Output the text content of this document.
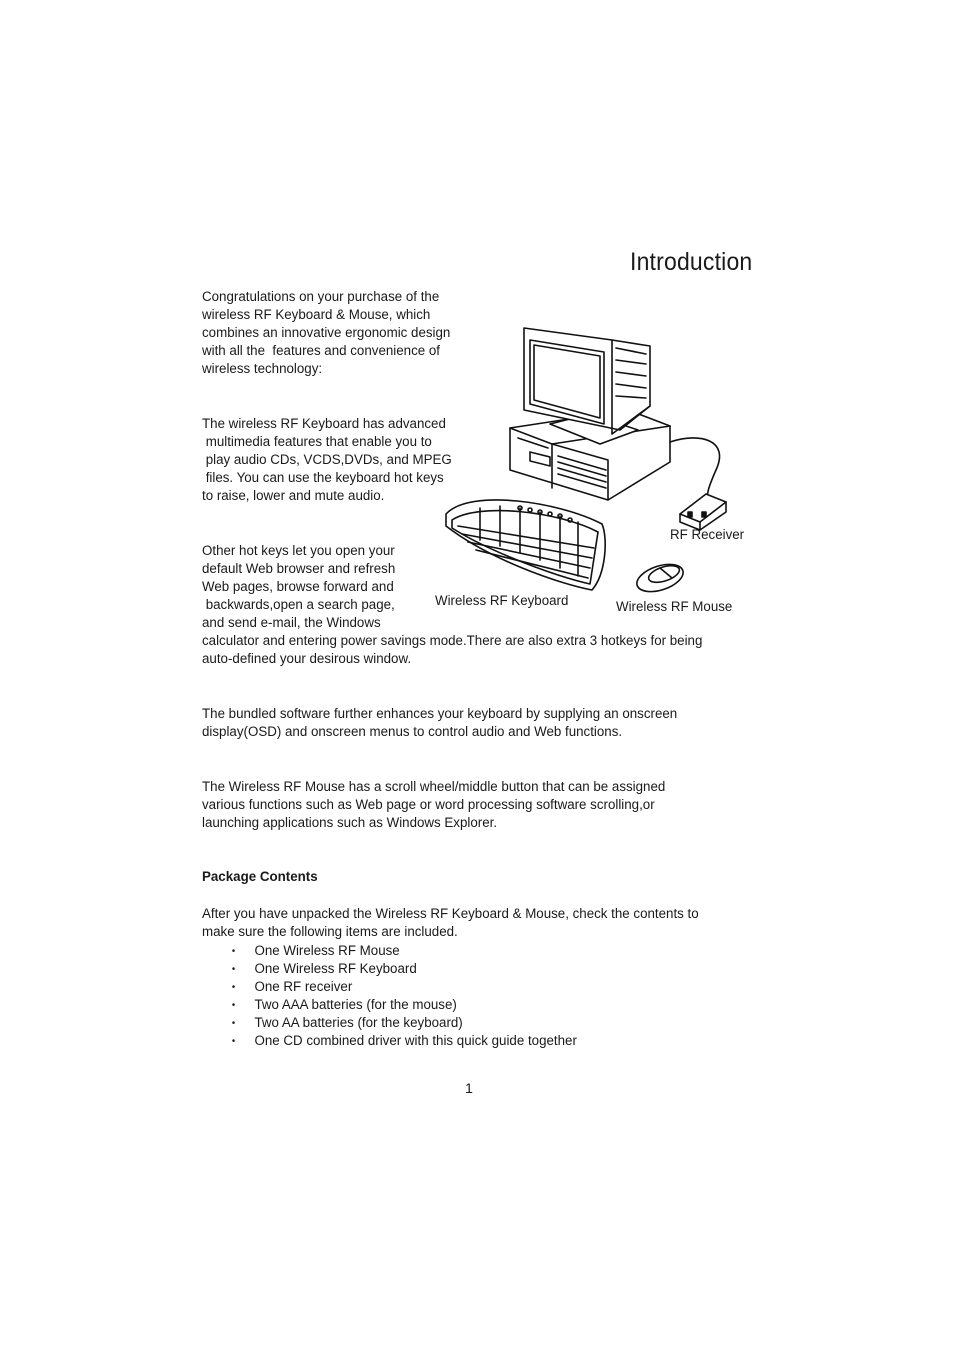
Introduction
Congratulations on your purchase of the
wireless RF Keyboard & Mouse, which
combines an innovative ergonomic design
with all the  features and convenience of
wireless technology:
The wireless RF Keyboard has advanced
multimedia features that enable you to
play audio CDs, VCDS,DVDs, and MPEG
files. You can use the keyboard hot keys
to raise, lower and mute audio.
Other hot keys let you open your
default Web browser and refresh
Web pages, browse forward and
backwards,open a search page,
and send e-mail, the Windows
calculator and entering power savings mode.There are also extra 3 hotkeys for being
auto-defined your desirous window.
The bundled software further enhances your keyboard by supplying an onscreen
display(OSD) and onscreen menus to control audio and Web functions.
The Wireless RF Mouse has a scroll wheel/middle button that can be assigned
various functions such as Web page or word processing software scrolling,or
launching applications such as Windows Explorer.
Package Contents
After you have unpacked the Wireless RF Keyboard & Mouse, check the contents to
make sure the following items are included.
• One Wireless RF Mouse
• One Wireless RF Keyboard
• One RF receiver
• Two AAA batteries (for the mouse)
• Two AA batteries (for the keyboard)
• One CD combined driver with this quick guide together
RF Receiver
Wireless RF Keyboard	Wireless RF Mouse
1
